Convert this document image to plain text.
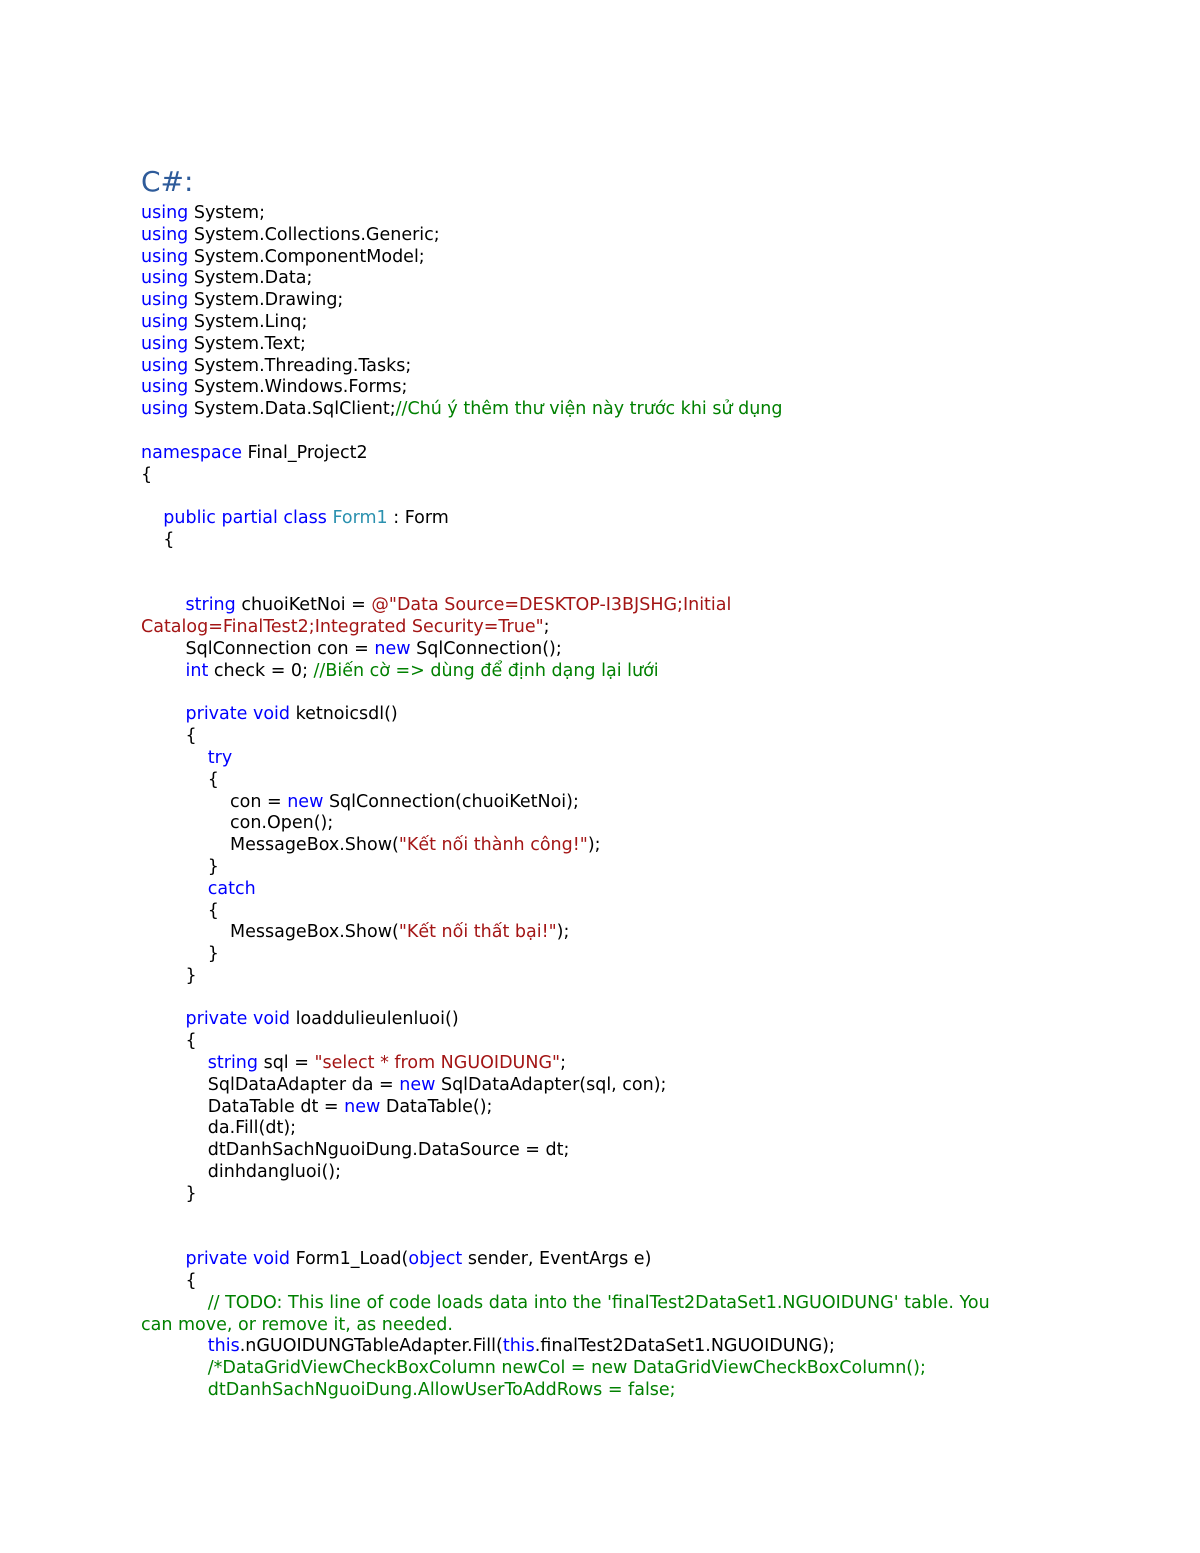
C#:
using System;
using System.Collections.Generic;
using System.ComponentModel;
using System.Data;
using System.Drawing;
using System.Linq;
using System.Text;
using System.Threading.Tasks;
using System.Windows.Forms;
using System.Data.SqlClient;//Chú ý thêm thư viện này trước khi sử dụng
namespace Final_Project2
{
public partial class Form1 : Form
{
string chuoiKetNoi = @"Data Source=DESKTOP-I3BJSHG;Initial
Catalog=FinalTest2;Integrated Security=True";
SqlConnection con = new SqlConnection();
int check = 0; //Biến cờ => dùng để định dạng lại lưới
private void ketnoicsdl()
{
try
{
con = new SqlConnection(chuoiKetNoi);
con.Open();
MessageBox.Show("Kết nối thành công!");
}
catch
{
MessageBox.Show("Kết nối thất bại!");
}
}
private void loaddulieulenluoi()
{
string sql = "select * from NGUOIDUNG";
SqlDataAdapter da = new SqlDataAdapter(sql, con);
DataTable dt = new DataTable();
da.Fill(dt);
dtDanhSachNguoiDung.DataSource = dt;
dinhdangluoi();
}
private void Form1_Load(object sender, EventArgs e)
{
// TODO: This line of code loads data into the 'finalTest2DataSet1.NGUOIDUNG' table. You
can move, or remove it, as needed.
this.nGUOIDUNGTableAdapter.Fill(this.finalTest2DataSet1.NGUOIDUNG);
/*DataGridViewCheckBoxColumn newCol = new DataGridViewCheckBoxColumn();
dtDanhSachNguoiDung.AllowUserToAddRows = false;
